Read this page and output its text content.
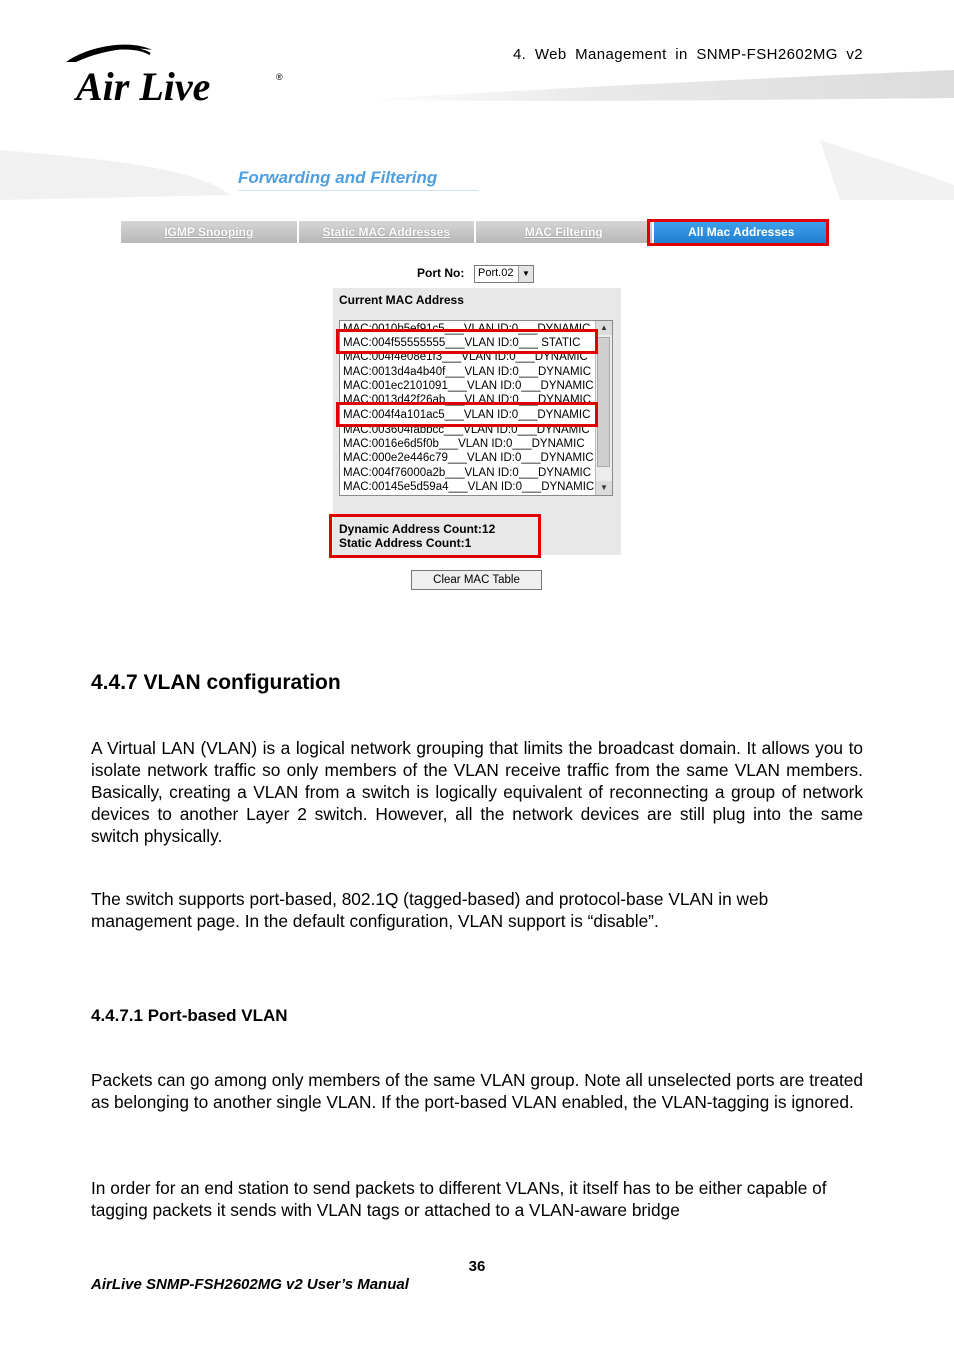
Air Live	®
4. Web Management in SNMP-FSH2602MG v2
Forwarding and Filtering
IGMP Snooping	Static MAC Addresses	MAC Filtering	All Mac Addresses
Port No: Port.02	▼
Current MAC Address
MAC:0010b5ef91c5___VLAN ID:0___DYNAMIC
MAC:004f55555555___VLAN ID:0___ STATIC
MAC:004f4e08e1f3___VLAN ID:0___DYNAMIC
MAC:0013d4a4b40f___VLAN ID:0___DYNAMIC
MAC:001ec2101091___VLAN ID:0___DYNAMIC
MAC:0013d42f26ab___VLAN ID:0___DYNAMIC
MAC:004f4a101ac5___VLAN ID:0___DYNAMIC
MAC:003604fabbcc___VLAN ID:0___DYNAMIC
MAC:0016e6d5f0b___VLAN ID:0___DYNAMIC
MAC:000e2e446c79___VLAN ID:0___DYNAMIC
MAC:004f76000a2b___VLAN ID:0___DYNAMIC
MAC:00145e5d59a4___VLAN ID:0___DYNAMIC
▲
▼
Dynamic Address Count:12
Static Address Count:1
Clear MAC Table
4.4.7 VLAN configuration
A Virtual LAN (VLAN) is a logical network grouping that limits the broadcast domain. It allows you to isolate network traffic so only members of the VLAN receive traffic from the same VLAN members. Basically, creating a VLAN from a switch is logically equivalent of reconnecting a group of network devices to another Layer 2 switch. However, all the network devices are still plug into the same switch physically.
The switch supports port-based, 802.1Q (tagged-based) and protocol-base VLAN in web management page. In the default configuration, VLAN support is “disable”.
4.4.7.1 Port-based VLAN
Packets can go among only members of the same VLAN group. Note all unselected ports are treated as belonging to another single VLAN. If the port-based VLAN enabled, the VLAN-tagging is ignored.
In order for an end station to send packets to different VLANs, it itself has to be either capable of tagging packets it sends with VLAN tags or attached to a VLAN-aware bridge
36
AirLive SNMP-FSH2602MG v2 User’s Manual
